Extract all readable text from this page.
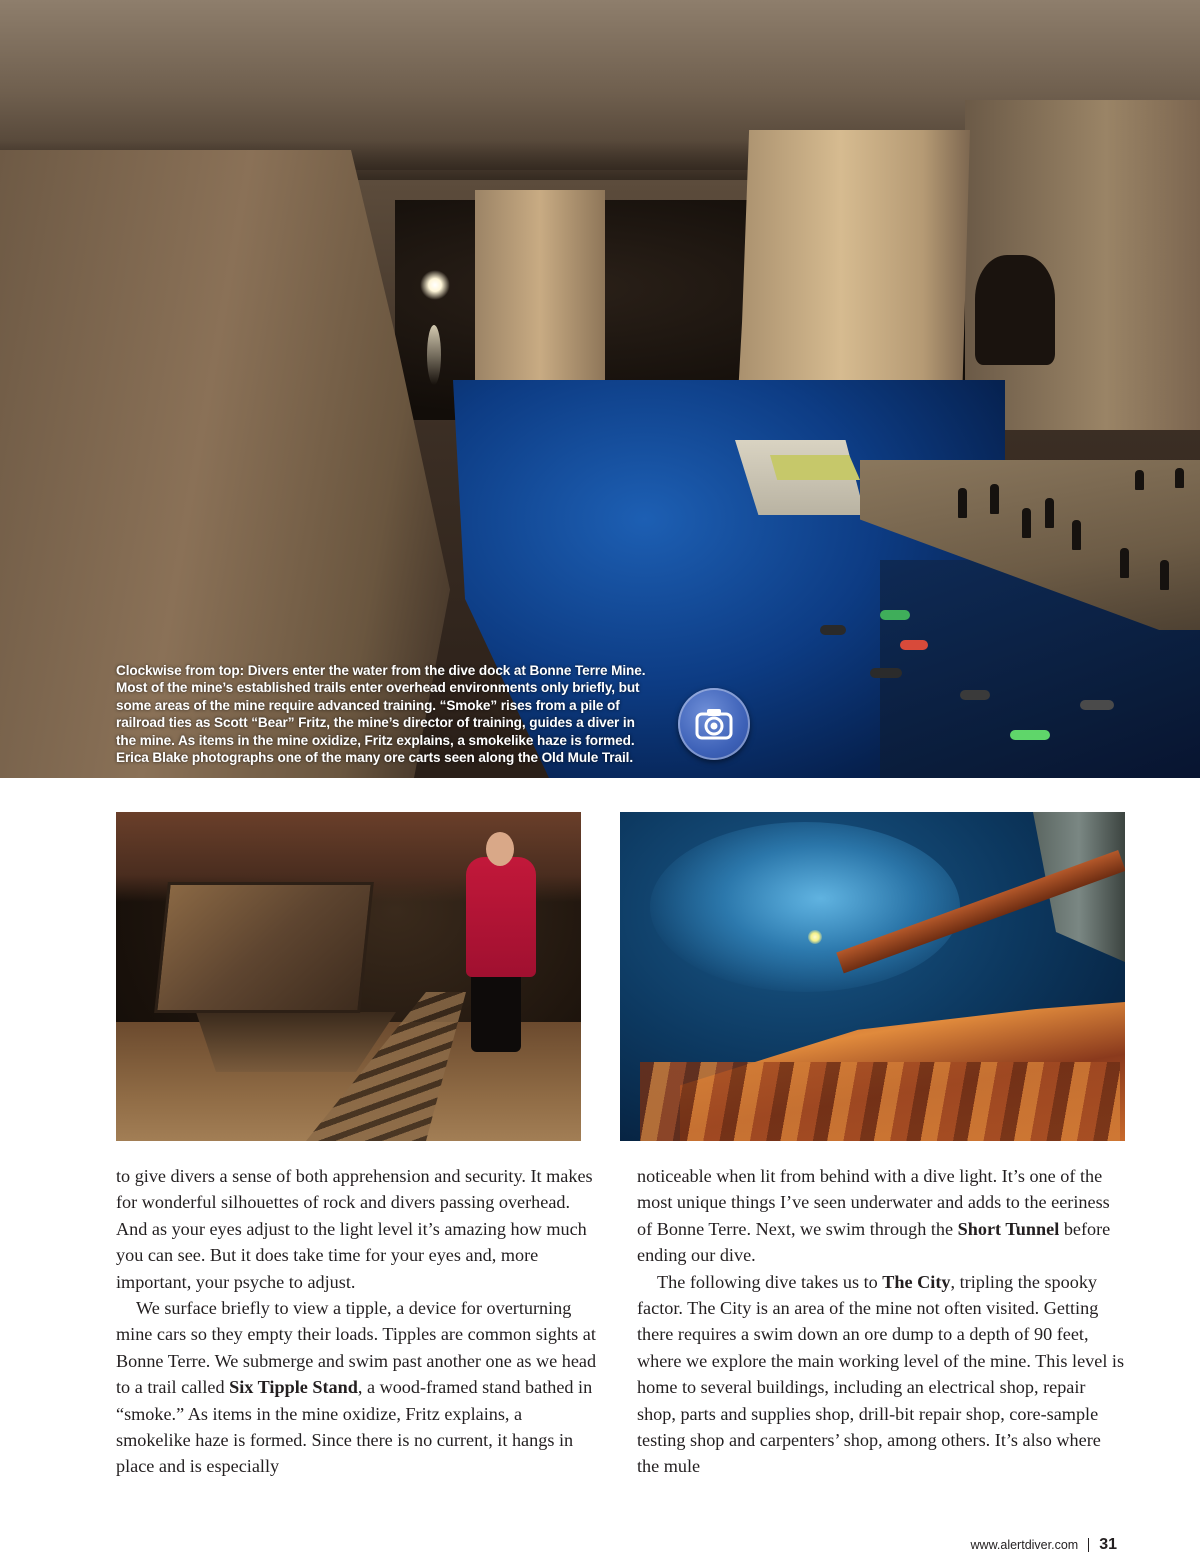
Clockwise from top: Divers enter the water from the dive dock at Bonne Terre Mine.
Most of the mine’s established trails enter overhead environments only briefly, but
some areas of the mine require advanced training. “Smoke” rises from a pile of
railroad ties as Scott “Bear” Fritz, the mine’s director of training, guides a diver in
the mine. As items in the mine oxidize, Fritz explains, a smokelike haze is formed.
Erica Blake photographs one of the many ore carts seen along the Old Mule Trail.

to give divers a sense of both apprehension and security. It makes for wonderful silhouettes of rock and divers passing overhead. And as your eyes adjust to the light level it’s amazing how much you can see. But it does take time for your eyes and, more important, your psyche to adjust.

We surface briefly to view a tipple, a device for overturning mine cars so they empty their loads. Tipples are common sights at Bonne Terre. We submerge and swim past another one as we head to a trail called Six Tipple Stand, a wood-framed stand bathed in “smoke.” As items in the mine oxidize, Fritz explains, a smokelike haze is formed. Since there is no current, it hangs in place and is especially

noticeable when lit from behind with a dive light. It’s one of the most unique things I’ve seen underwater and adds to the eeriness of Bonne Terre. Next, we swim through the Short Tunnel before ending our dive.

The following dive takes us to The City, tripling the spooky factor. The City is an area of the mine not often visited. Getting there requires a swim down an ore dump to a depth of 90 feet, where we explore the main working level of the mine. This level is home to several buildings, including an electrical shop, repair shop, parts and supplies shop, drill-bit repair shop, core-sample testing shop and carpenters’ shop, among others. It’s also where the mule

www.alertdiver.com 31
